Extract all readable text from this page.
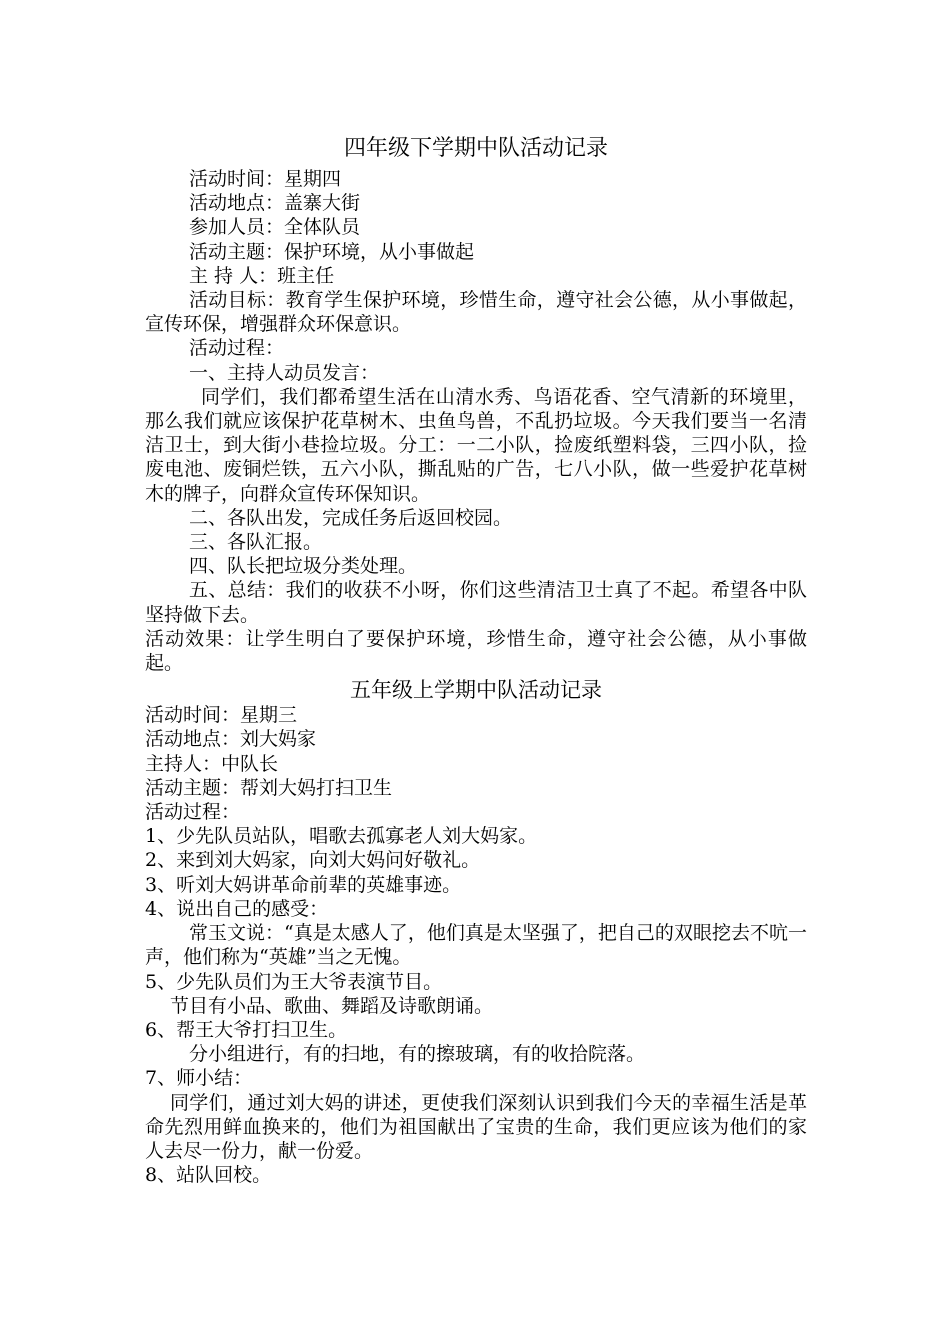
四年级下学期中队活动记录

活动时间：星期四

活动地点：盖寨大街

参加人员：全体队员

活动主题：保护环境，从小事做起

主 持 人：班主任

活动目标：教育学生保护环境，珍惜生命，遵守社会公德，从小事做起，宣传环保，增强群众环保意识。

活动过程：

一、主持人动员发言：

同学们，我们都希望生活在山清水秀、鸟语花香、空气清新的环境里，那么我们就应该保护花草树木、虫鱼鸟兽，不乱扔垃圾。今天我们要当一名清洁卫士，到大街小巷捡垃圾。分工：一二小队，捡废纸塑料袋，三四小队，捡废电池、废铜烂铁，五六小队，撕乱贴的广告，七八小队，做一些爱护花草树木的牌子，向群众宣传环保知识。

二、各队出发，完成任务后返回校园。

三、各队汇报。

四、队长把垃圾分类处理。

五、总结：我们的收获不小呀，你们这些清洁卫士真了不起。希望各中队坚持做下去。

活动效果：让学生明白了要保护环境，珍惜生命，遵守社会公德，从小事做起。

五年级上学期中队活动记录

活动时间：星期三

活动地点：刘大妈家

主持人：中队长

活动主题：帮刘大妈打扫卫生

活动过程：

1、少先队员站队，唱歌去孤寡老人刘大妈家。

2、来到刘大妈家，向刘大妈问好敬礼。

3、听刘大妈讲革命前辈的英雄事迹。

4、说出自己的感受：

常玉文说：“真是太感人了，他们真是太坚强了，把自己的双眼挖去不吭一声，他们称为“英雄”当之无愧。

5、少先队员们为王大爷表演节目。

节目有小品、歌曲、舞蹈及诗歌朗诵。

6、帮王大爷打扫卫生。

分小组进行，有的扫地，有的擦玻璃，有的收拾院落。

7、师小结：

同学们，通过刘大妈的讲述，更使我们深刻认识到我们今天的幸福生活是革命先烈用鲜血换来的，他们为祖国献出了宝贵的生命，我们更应该为他们的家人去尽一份力，献一份爱。

8、站队回校。
